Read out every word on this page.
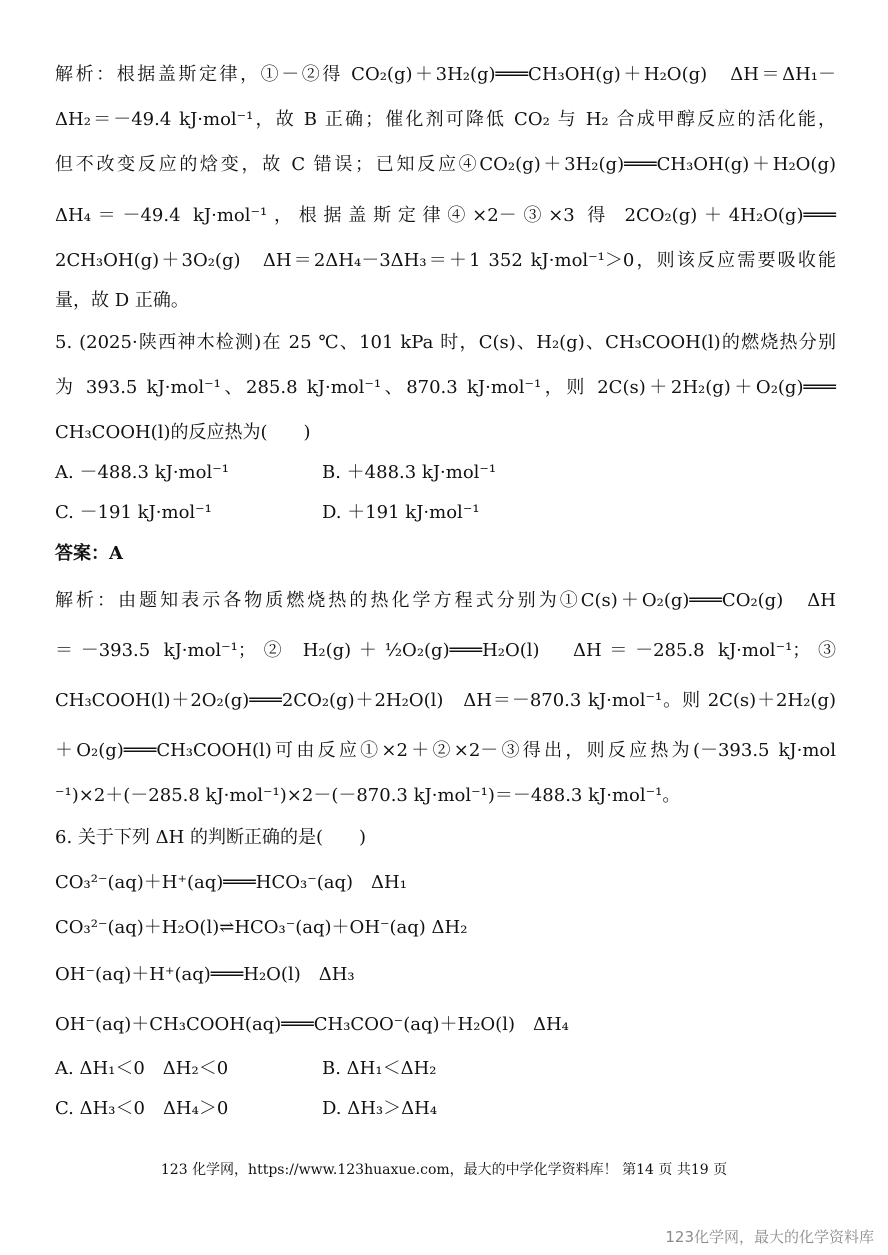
解析：根据盖斯定律，①－②得 CO₂(g)＋3H₂(g)═══CH₃OH(g)＋H₂O(g)　ΔH＝ΔH₁－
ΔH₂＝－49.4 kJ·mol⁻¹，故 B 正确；催化剂可降低 CO₂ 与 H₂ 合成甲醇反应的活化能，
但不改变反应的焓变，故 C 错误；已知反应④CO₂(g)＋3H₂(g)═══CH₃OH(g)＋H₂O(g)
ΔH₄＝－49.4 kJ·mol⁻¹，根据盖斯定律④×2－③×3 得 2CO₂(g)＋4H₂O(g)═══
2CH₃OH(g)＋3O₂(g)　ΔH＝2ΔH₄－3ΔH₃＝＋1 352 kJ·mol⁻¹＞0，则该反应需要吸收能
量，故 D 正确。
5. (2025·陕西神木检测)在 25 ℃、101 kPa 时，C(s)、H₂(g)、CH₃COOH(l)的燃烧热分别
为 393.5 kJ·mol⁻¹、285.8 kJ·mol⁻¹、870.3 kJ·mol⁻¹，则 2C(s)＋2H₂(g)＋O₂(g)═══
CH₃COOH(l)的反应热为(　　)
A. －488.3 kJ·mol⁻¹	B. ＋488.3 kJ·mol⁻¹
C. －191 kJ·mol⁻¹	D. ＋191 kJ·mol⁻¹
答案：A
解析：由题知表示各物质燃烧热的热化学方程式分别为①C(s)＋O₂(g)═══CO₂(g)　ΔH
＝－393.5 kJ·mol⁻¹；② H₂(g)＋½O₂(g)═══H₂O(l)　ΔH＝－285.8 kJ·mol⁻¹；③
CH₃COOH(l)＋2O₂(g)═══2CO₂(g)＋2H₂O(l)　ΔH＝－870.3 kJ·mol⁻¹。则 2C(s)＋2H₂(g)
＋O₂(g)═══CH₃COOH(l)可由反应①×2＋②×2－③得出，则反应热为(－393.5 kJ·mol
⁻¹)×2＋(－285.8 kJ·mol⁻¹)×2－(－870.3 kJ·mol⁻¹)＝－488.3 kJ·mol⁻¹。
6. 关于下列 ΔH 的判断正确的是(　　)
CO₃²⁻(aq)＋H⁺(aq)═══HCO₃⁻(aq)　ΔH₁
CO₃²⁻(aq)＋H₂O(l)⇌HCO₃⁻(aq)＋OH⁻(aq) ΔH₂
OH⁻(aq)＋H⁺(aq)═══H₂O(l)　ΔH₃
OH⁻(aq)＋CH₃COOH(aq)═══CH₃COO⁻(aq)＋H₂O(l)　ΔH₄
A. ΔH₁＜0　ΔH₂＜0	B. ΔH₁＜ΔH₂
C. ΔH₃＜0　ΔH₄＞0	D. ΔH₃＞ΔH₄
123 化学网，https://www.123huaxue.com，最大的中学化学资料库！ 第14 页 共19 页
123化学网，最大的化学资料库
